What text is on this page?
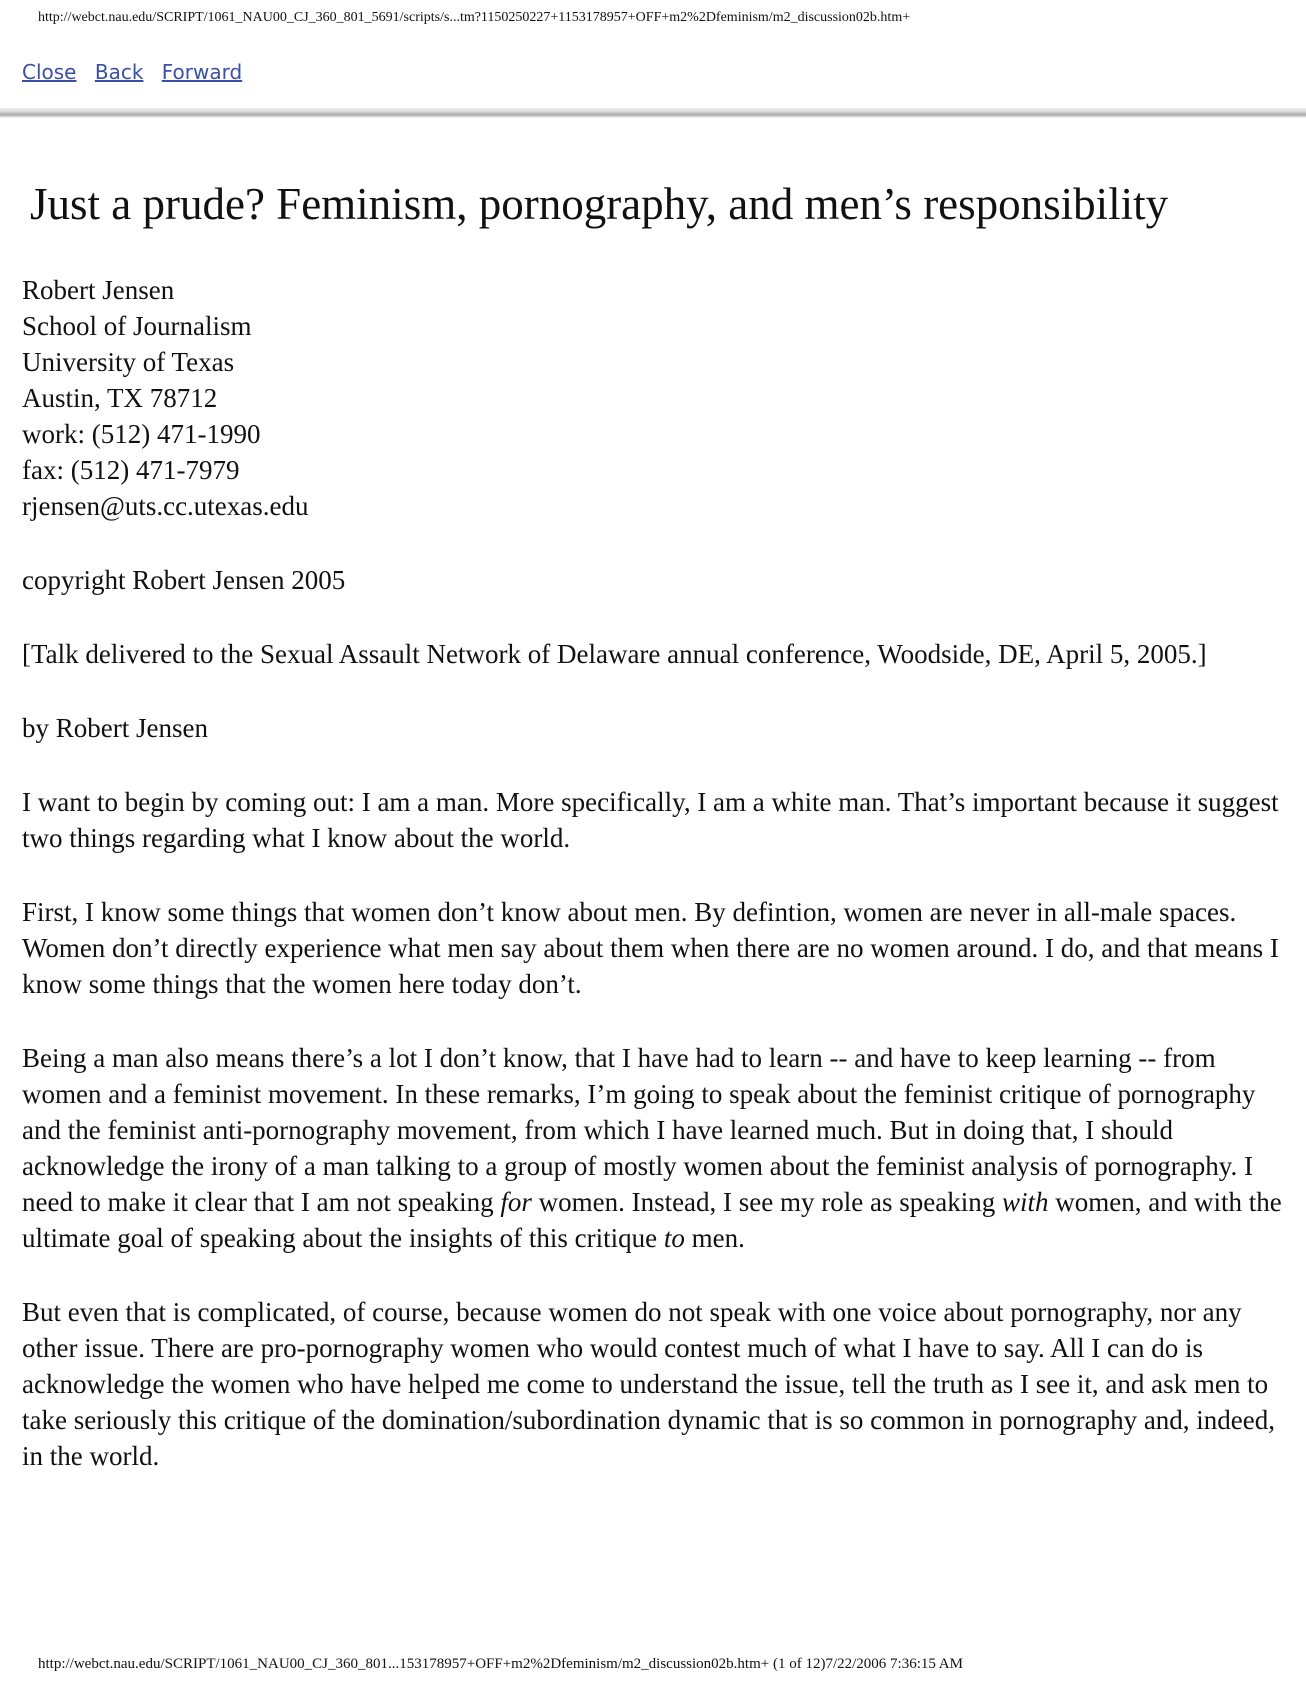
http://webct.nau.edu/SCRIPT/1061_NAU00_CJ_360_801_5691/scripts/s...tm?1150250227+1153178957+OFF+m2%2Dfeminism/m2_discussion02b.htm+
Close Back Forward
Just a prude? Feminism, pornography, and men’s responsibility
Robert Jensen
School of Journalism
University of Texas
Austin, TX 78712
work: (512) 471-1990
fax: (512) 471-7979
rjensen@uts.cc.utexas.edu

copyright Robert Jensen 2005

[Talk delivered to the Sexual Assault Network of Delaware annual conference, Woodside, DE, April 5, 2005.]

by Robert Jensen

I want to begin by coming out: I am a man. More specifically, I am a white man. That’s important because it suggest two things regarding what I know about the world.

First, I know some things that women don’t know about men. By defintion, women are never in all-male spaces. Women don’t directly experience what men say about them when there are no women around. I do, and that means I know some things that the women here today don’t.

Being a man also means there’s a lot I don’t know, that I have had to learn -- and have to keep learning -- from women and a feminist movement. In these remarks, I’m going to speak about the feminist critique of pornography and the feminist anti-pornography movement, from which I have learned much. But in doing that, I should acknowledge the irony of a man talking to a group of mostly women about the feminist analysis of pornography. I need to make it clear that I am not speaking for women. Instead, I see my role as speaking with women, and with the ultimate goal of speaking about the insights of this critique to men.

But even that is complicated, of course, because women do not speak with one voice about pornography, nor any other issue. There are pro-pornography women who would contest much of what I have to say. All I can do is acknowledge the women who have helped me come to understand the issue, tell the truth as I see it, and ask men to take seriously this critique of the domination/subordination dynamic that is so common in pornography and, indeed, in the world.

http://webct.nau.edu/SCRIPT/1061_NAU00_CJ_360_801...153178957+OFF+m2%2Dfeminism/m2_discussion02b.htm+ (1 of 12)7/22/2006 7:36:15 AM
